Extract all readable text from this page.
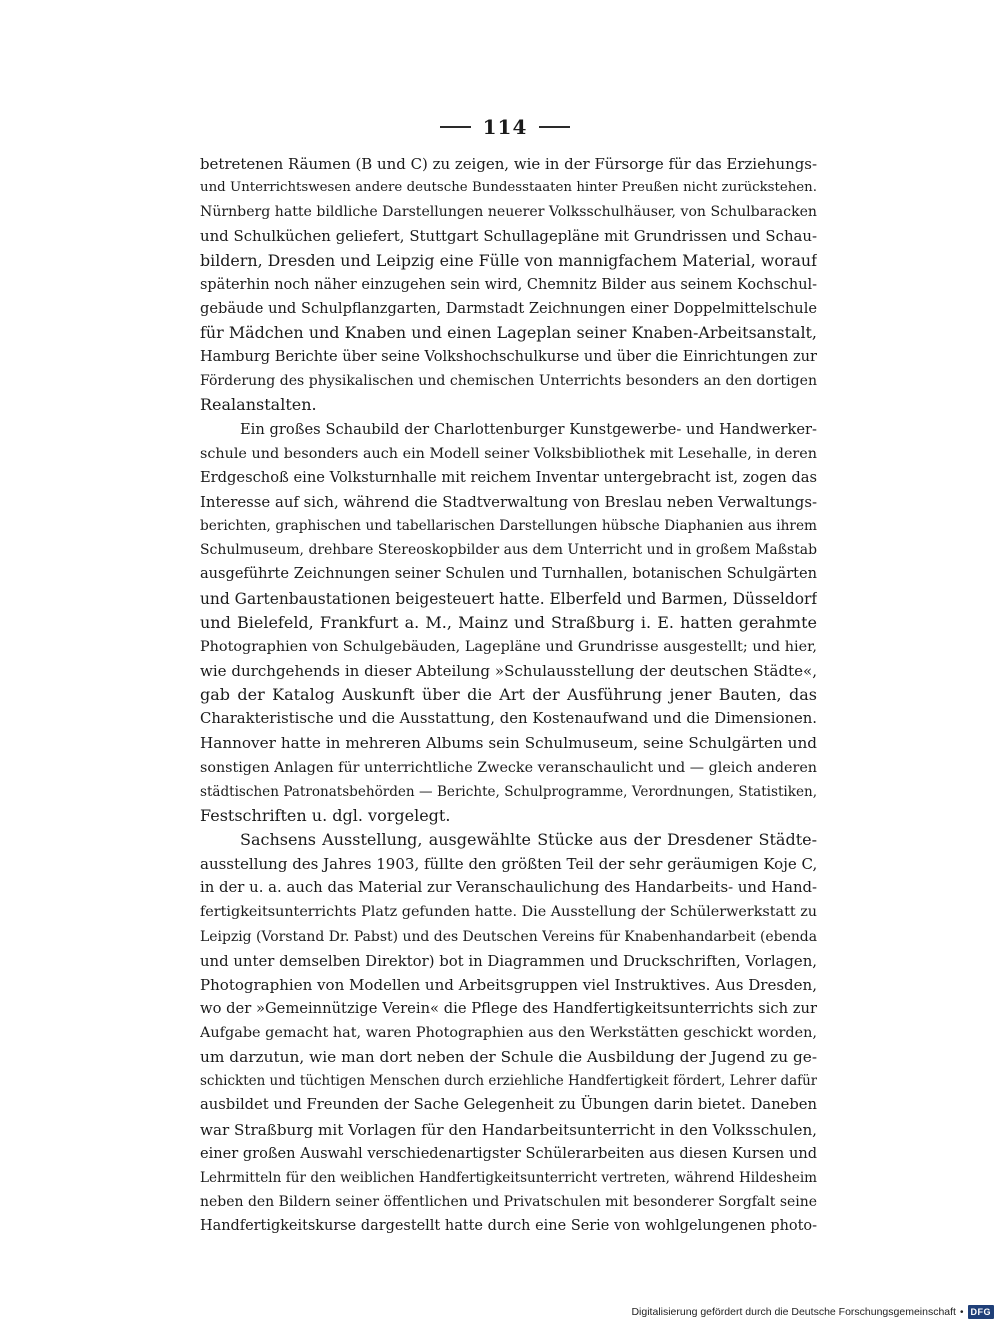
114
betretenen Räumen (B und C) zu zeigen, wie in der Fürsorge für das Erziehungs-
und Unterrichtswesen andere deutsche Bundesstaaten hinter Preußen nicht zurückstehen.
Nürnberg hatte bildliche Darstellungen neuerer Volksschulhäuser, von Schulbaracken
und Schulküchen geliefert, Stuttgart Schullagepläne mit Grundrissen und Schau-
bildern, Dresden und Leipzig eine Fülle von mannigfachem Material, worauf
späterhin noch näher einzugehen sein wird, Chemnitz Bilder aus seinem Kochschul-
gebäude und Schulpflanzgarten, Darmstadt Zeichnungen einer Doppelmittelschule
für Mädchen und Knaben und einen Lageplan seiner Knaben-Arbeitsanstalt,
Hamburg Berichte über seine Volkshochschulkurse und über die Einrichtungen zur
Förderung des physikalischen und chemischen Unterrichts besonders an den dortigen
Realanstalten.
Ein großes Schaubild der Charlottenburger Kunstgewerbe- und Handwerker-
schule und besonders auch ein Modell seiner Volksbibliothek mit Lesehalle, in deren
Erdgeschoß eine Volksturnhalle mit reichem Inventar untergebracht ist, zogen das
Interesse auf sich, während die Stadtverwaltung von Breslau neben Verwaltungs-
berichten, graphischen und tabellarischen Darstellungen hübsche Diaphanien aus ihrem
Schulmuseum, drehbare Stereoskopbilder aus dem Unterricht und in großem Maßstab
ausgeführte Zeichnungen seiner Schulen und Turnhallen, botanischen Schulgärten
und Gartenbaustationen beigesteuert hatte. Elberfeld und Barmen, Düsseldorf
und Bielefeld, Frankfurt a. M., Mainz und Straßburg i. E. hatten gerahmte
Photographien von Schulgebäuden, Lagepläne und Grundrisse ausgestellt; und hier,
wie durchgehends in dieser Abteilung »Schulausstellung der deutschen Städte«,
gab der Katalog Auskunft über die Art der Ausführung jener Bauten, das
Charakteristische und die Ausstattung, den Kostenaufwand und die Dimensionen.
Hannover hatte in mehreren Albums sein Schulmuseum, seine Schulgärten und
sonstigen Anlagen für unterrichtliche Zwecke veranschaulicht und — gleich anderen
städtischen Patronatsbehörden — Berichte, Schulprogramme, Verordnungen, Statistiken,
Festschriften u. dgl. vorgelegt.
Sachsens Ausstellung, ausgewählte Stücke aus der Dresdener Städte-
ausstellung des Jahres 1903, füllte den größten Teil der sehr geräumigen Koje C,
in der u. a. auch das Material zur Veranschaulichung des Handarbeits- und Hand-
fertigkeitsunterrichts Platz gefunden hatte. Die Ausstellung der Schülerwerkstatt zu
Leipzig (Vorstand Dr. Pabst) und des Deutschen Vereins für Knabenhandarbeit (ebenda
und unter demselben Direktor) bot in Diagrammen und Druckschriften, Vorlagen,
Photographien von Modellen und Arbeitsgruppen viel Instruktives. Aus Dresden,
wo der »Gemeinnützige Verein« die Pflege des Handfertigkeitsunterrichts sich zur
Aufgabe gemacht hat, waren Photographien aus den Werkstätten geschickt worden,
um darzutun, wie man dort neben der Schule die Ausbildung der Jugend zu ge-
schickten und tüchtigen Menschen durch erziehliche Handfertigkeit fördert, Lehrer dafür
ausbildet und Freunden der Sache Gelegenheit zu Übungen darin bietet. Daneben
war Straßburg mit Vorlagen für den Handarbeitsunterricht in den Volksschulen,
einer großen Auswahl verschiedenartigster Schülerarbeiten aus diesen Kursen und
Lehrmitteln für den weiblichen Handfertigkeitsunterricht vertreten, während Hildesheim
neben den Bildern seiner öffentlichen und Privatschulen mit besonderer Sorgfalt seine
Handfertigkeitskurse dargestellt hatte durch eine Serie von wohlgelungenen photo-
Digitalisierung gefördert durch die Deutsche Forschungsgemeinschaft • DFG
